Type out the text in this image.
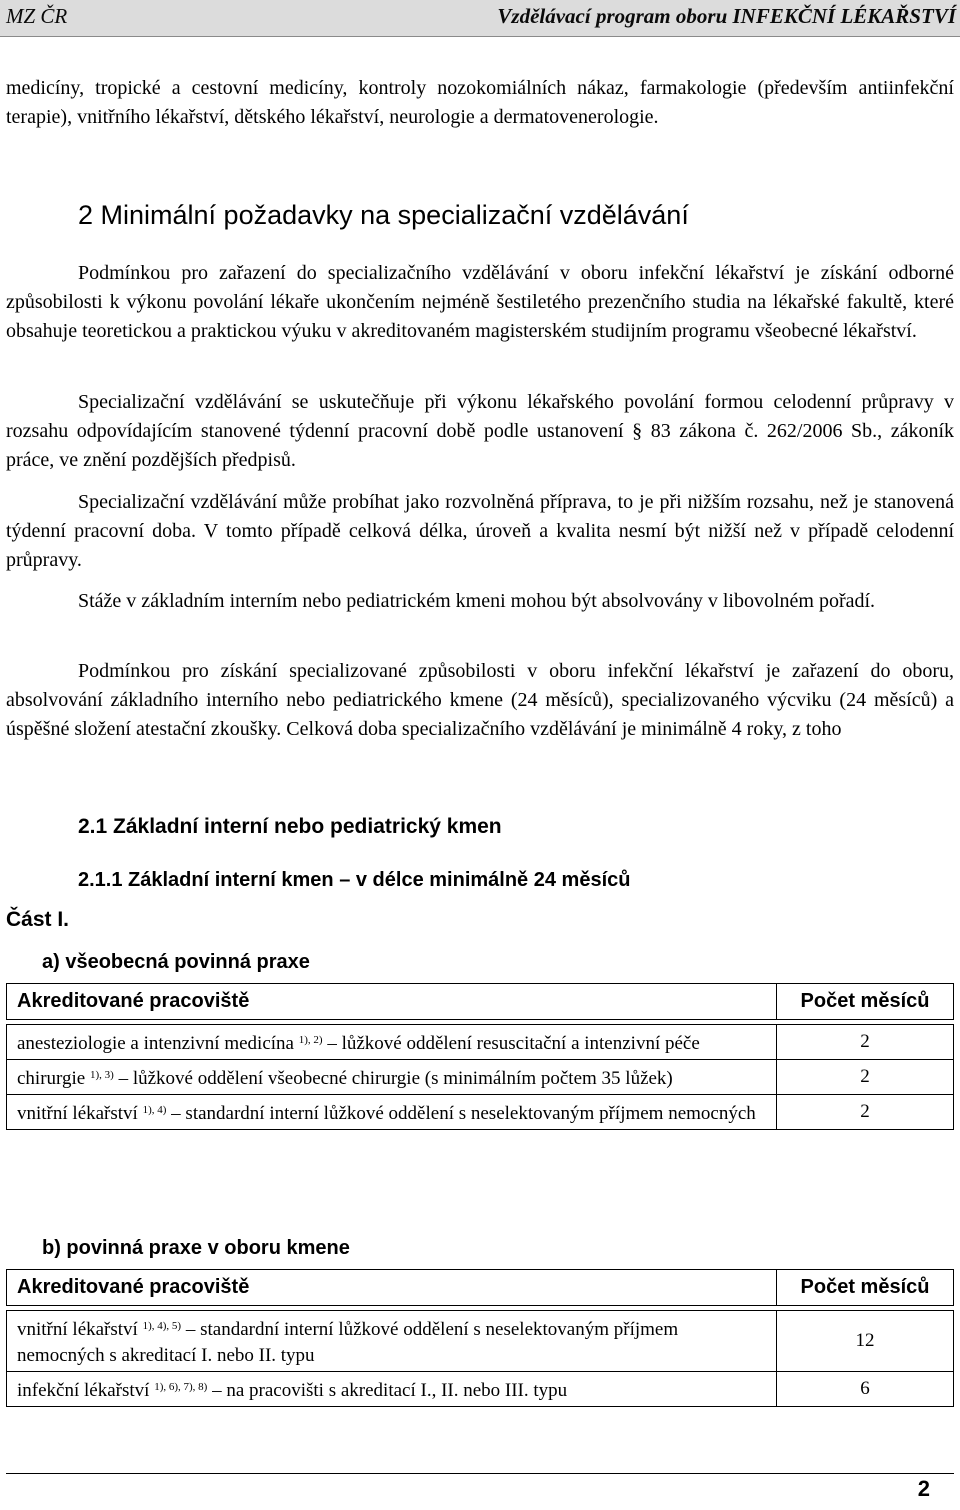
MZ ČR	Vzdělávací program oboru INFEKČNÍ LÉKAŘSTVÍ

medicíny, tropické a cestovní medicíny, kontroly nozokomiálních nákaz, farmakologie (především antiinfekční terapie), vnitřního lékařství, dětského lékařství, neurologie a dermatovenerologie.

2 Minimální požadavky na specializační vzdělávání

Podmínkou pro zařazení do specializačního vzdělávání v oboru infekční lékařství je získání odborné způsobilosti k výkonu povolání lékaře ukončením nejméně šestiletého prezenčního studia na lékařské fakultě, které obsahuje teoretickou a praktickou výuku v akreditovaném magisterském studijním programu všeobecné lékařství.

Specializační vzdělávání se uskutečňuje při výkonu lékařského povolání formou celodenní průpravy v rozsahu odpovídajícím stanovené týdenní pracovní době podle ustanovení § 83 zákona č. 262/2006 Sb., zákoník práce, ve znění pozdějších předpisů.

Specializační vzdělávání může probíhat jako rozvolněná příprava, to je při nižším rozsahu, než je stanovená týdenní pracovní doba. V tomto případě celková délka, úroveň a kvalita nesmí být nižší než v případě celodenní průpravy.

Stáže v základním interním nebo pediatrickém kmeni mohou být absolvovány v libovolném pořadí.

Podmínkou pro získání specializované způsobilosti v oboru infekční lékařství je zařazení do oboru, absolvování základního interního nebo pediatrického kmene (24 měsíců), specializovaného výcviku (24 měsíců) a úspěšné složení atestační zkoušky. Celková doba specializačního vzdělávání je minimálně 4 roky, z toho

2.1 Základní interní nebo pediatrický kmen
2.1.1 Základní interní kmen – v délce minimálně 24 měsíců

Část I.

a) všeobecná povinná praxe

Akreditované pracoviště	Počet měsíců

anesteziologie a intenzivní medicína $^{1), 2)}$ – lůžkové oddělení resuscitační a intenzivní péče	2
chirurgie $^{1), 3)}$ – lůžkové oddělení všeobecné chirurgie (s minimálním počtem 35 lůžek)	2
vnitřní lékařství $^{1), 4)}$ – standardní interní lůžkové oddělení s neselektovaným příjmem nemocných	2

b) povinná praxe v oboru kmene

Akreditované pracoviště	Počet měsíců

vnitřní lékařství $^{1), 4), 5)}$ – standardní interní lůžkové oddělení s neselektovaným příjmem nemocných s akreditací I. nebo II. typu	12
infekční lékařství $^{1), 6), 7), 8)}$ – na pracovišti s akreditací I., II. nebo III. typu	6
2
